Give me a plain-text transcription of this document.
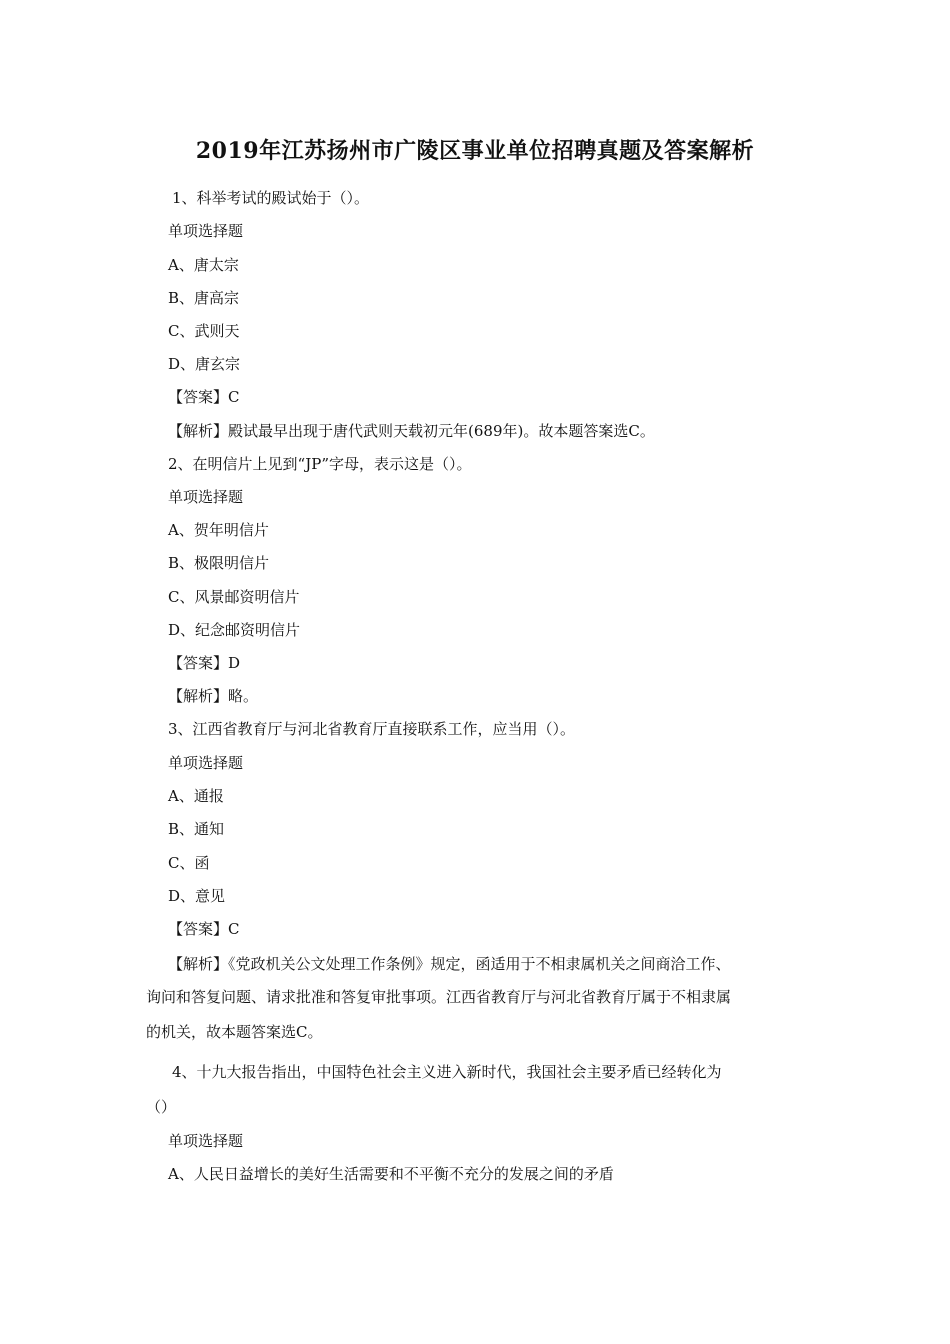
2019年江苏扬州市广陵区事业单位招聘真题及答案解析
1、科举考试的殿试始于（）。
单项选择题
A、唐太宗
B、唐高宗
C、武则天
D、唐玄宗
【答案】C
【解析】殿试最早出现于唐代武则天载初元年(689年)。故本题答案选C。
2、在明信片上见到“JP”字母，表示这是（）。
单项选择题
A、贺年明信片
B、极限明信片
C、风景邮资明信片
D、纪念邮资明信片
【答案】D
【解析】略。
3、江西省教育厅与河北省教育厅直接联系工作，应当用（）。
单项选择题
A、通报
B、通知
C、函
D、意见
【答案】C
【解析】《党政机关公文处理工作条例》规定，函适用于不相隶属机关之间商洽工作、
询问和答复问题、请求批准和答复审批事项。江西省教育厅与河北省教育厅属于不相隶属
的机关，故本题答案选C。
4、十九大报告指出，中国特色社会主义进入新时代，我国社会主要矛盾已经转化为
（）
单项选择题
A、人民日益增长的美好生活需要和不平衡不充分的发展之间的矛盾
